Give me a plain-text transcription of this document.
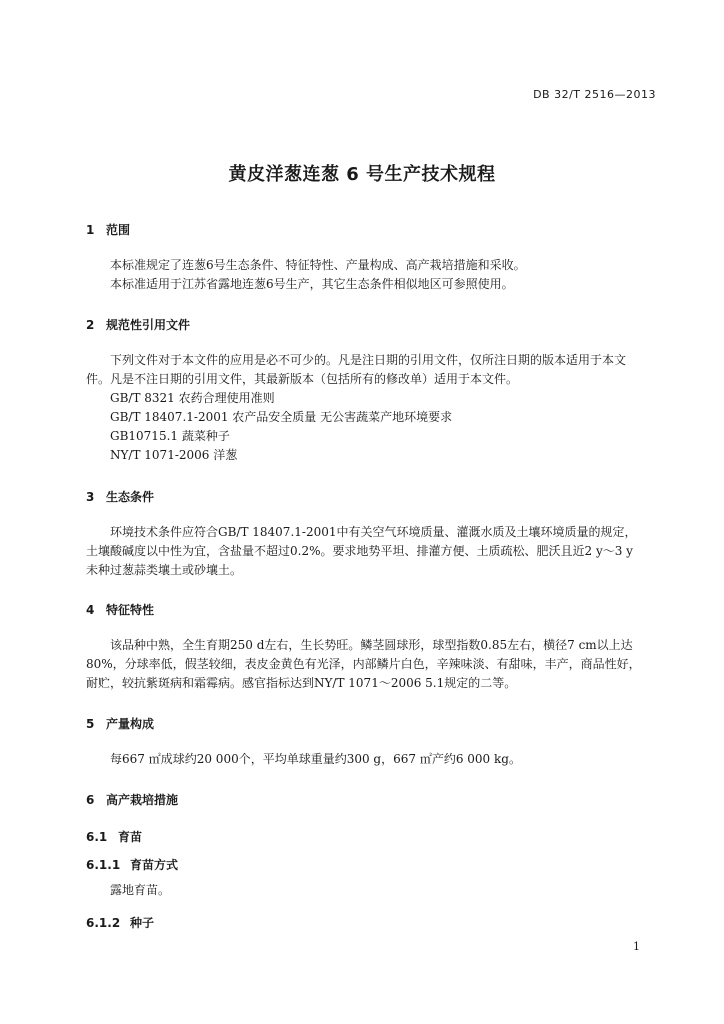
DB 32/T 2516—2013
黄皮洋葱连葱 6 号生产技术规程
1 范围
本标准规定了连葱6号生态条件、特征特性、产量构成、高产栽培措施和采收。
本标准适用于江苏省露地连葱6号生产，其它生态条件相似地区可参照使用。
2 规范性引用文件
下列文件对于本文件的应用是必不可少的。凡是注日期的引用文件，仅所注日期的版本适用于本文
件。凡是不注日期的引用文件，其最新版本（包括所有的修改单）适用于本文件。
GB/T 8321 农药合理使用准则
GB/T 18407.1-2001 农产品安全质量 无公害蔬菜产地环境要求
GB10715.1 蔬菜种子
NY/T 1071-2006 洋葱
3 生态条件
环境技术条件应符合GB/T 18407.1-2001中有关空气环境质量、灌溉水质及土壤环境质量的规定，
土壤酸碱度以中性为宜，含盐量不超过0.2%。要求地势平坦、排灌方便、土质疏松、肥沃且近2 y～3 y
未种过葱蒜类壤土或砂壤土。
4 特征特性
该品种中熟，全生育期250 d左右，生长势旺。鳞茎圆球形，球型指数0.85左右，横径7 cm以上达
80%，分球率低，假茎较细，表皮金黄色有光泽，内部鳞片白色，辛辣味淡、有甜味，丰产，商品性好，
耐贮，较抗紫斑病和霜霉病。感官指标达到NY/T 1071～2006 5.1规定的二等。
5 产量构成
每667 ㎡成球约20 000个，平均单球重量约300 g，667 ㎡产约6 000 kg。
6 高产栽培措施
6.1 育苗
6.1.1 育苗方式
露地育苗。
6.1.2 种子
1
